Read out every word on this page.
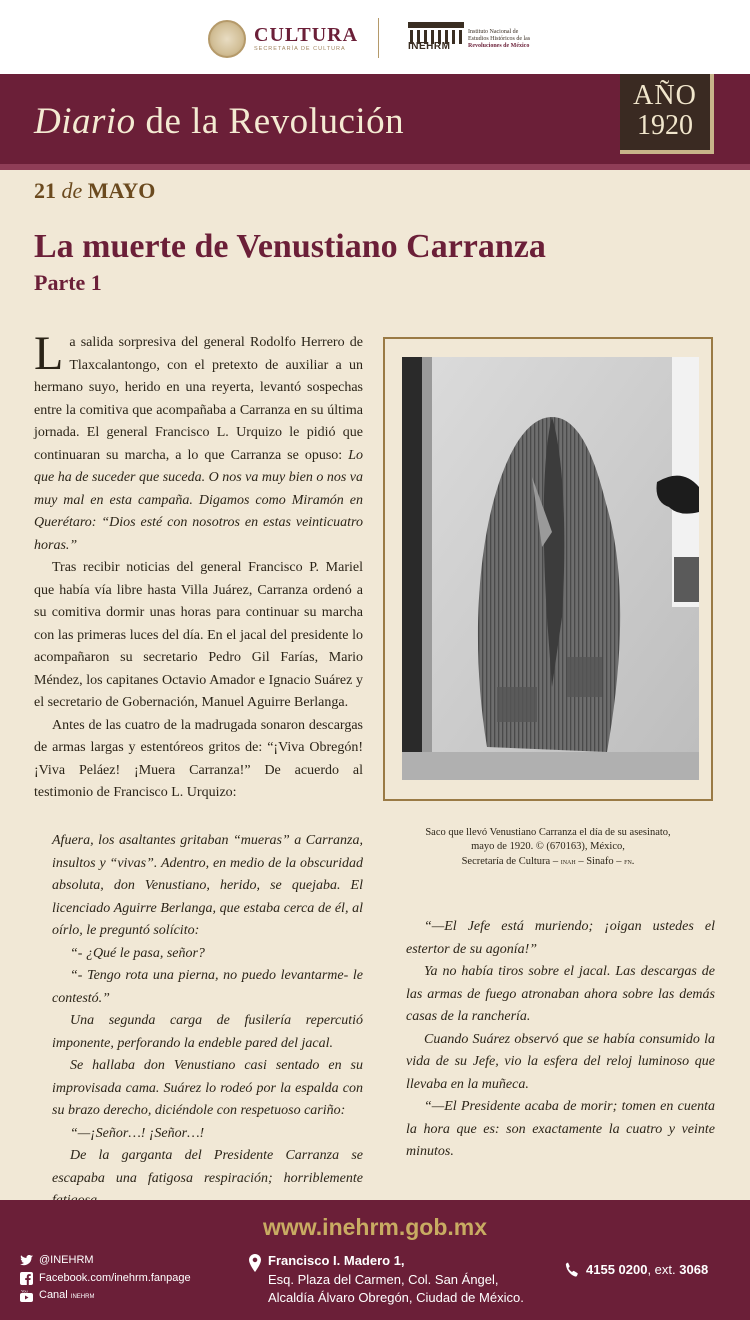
CULTURA
SECRETARÍA DE CULTURA	INEHRM
Instituto Nacional de
Estudios Históricos de las
Revoluciones de México
Diario de la Revolución
AÑO
1920
21 de MAYO
La muerte de Venustiano Carranza
Parte 1

La salida sorpresiva del general Rodolfo Herrero de Tlaxcalantongo, con el pretexto de auxiliar a un hermano suyo, herido en una reyerta, levantó sospechas entre la comitiva que acompañaba a Carranza en su última jornada. El general Francisco L. Urquizo le pidió que continuaran su marcha, a lo que Carranza se opuso: Lo que ha de suceder que suceda. O nos va muy bien o nos va muy mal en esta campaña. Digamos como Miramón en Querétaro: “Dios esté con nosotros en estas veinticuatro horas.”

Tras recibir noticias del general Francisco P. Mariel que había vía libre hasta Villa Juárez, Carranza ordenó a su comitiva dormir unas horas para continuar su marcha con las primeras luces del día. En el jacal del presidente lo acompañaron su secretario Pedro Gil Farías, Mario Méndez, los capitanes Octavio Amador e Ignacio Suárez y el secretario de Gobernación, Manuel Aguirre Berlanga.

Antes de las cuatro de la madrugada sonaron descargas de armas largas y estentóreos gritos de: “¡Viva Obregón! ¡Viva Peláez! ¡Muera Carranza!” De acuerdo al testimonio de Francisco L. Urquizo:

Afuera, los asaltantes gritaban “mueras” a Carranza, insultos y “vivas”. Adentro, en medio de la obscuridad absoluta, don Venustiano, herido, se quejaba. El licenciado Aguirre Berlanga, que estaba cerca de él, al oírlo, le preguntó solícito:

“- ¿Qué le pasa, señor?

“- Tengo rota una pierna, no puedo levantarme- le contestó.”

Una segunda carga de fusilería repercutió imponente, perforando la endeble pared del jacal.

Se hallaba don Venustiano casi sentado en su improvisada cama. Suárez lo rodeó por la espalda con su brazo derecho, diciéndole con respetuoso cariño:

“—¡Señor…! ¡Señor…!

De la garganta del Presidente Carranza se escapaba una fatigosa respiración; horriblemente

Saco que llevó Venustiano Carranza el día de su asesinato,
mayo de 1920. © (670163), México,
Secretaría de Cultura – inah – Sinafo – fn.

“—El Jefe está muriendo; ¡oigan ustedes el estertor de su agonía!”

Ya no había tiros sobre el jacal. Las descargas de las armas de fuego atronaban ahora sobre las demás casas de la ranchería.

Cuando Suárez observó que se había consumido la vida de su Jefe, vio la esfera del reloj luminoso que llevaba en la muñeca.

“—El Presidente acaba de morir; tomen en cuenta la hora que es: son exactamente la cuatro y veinte minutos.

www.inehrm.gob.mx
@INEHRM
Facebook.com/inehrm.fanpage
You Canal inehrm
Francisco I. Madero 1,
Esq. Plaza del Carmen, Col. San Ángel,
Alcaldía Álvaro Obregón, Ciudad de México.
4155 0200, ext. 3068
